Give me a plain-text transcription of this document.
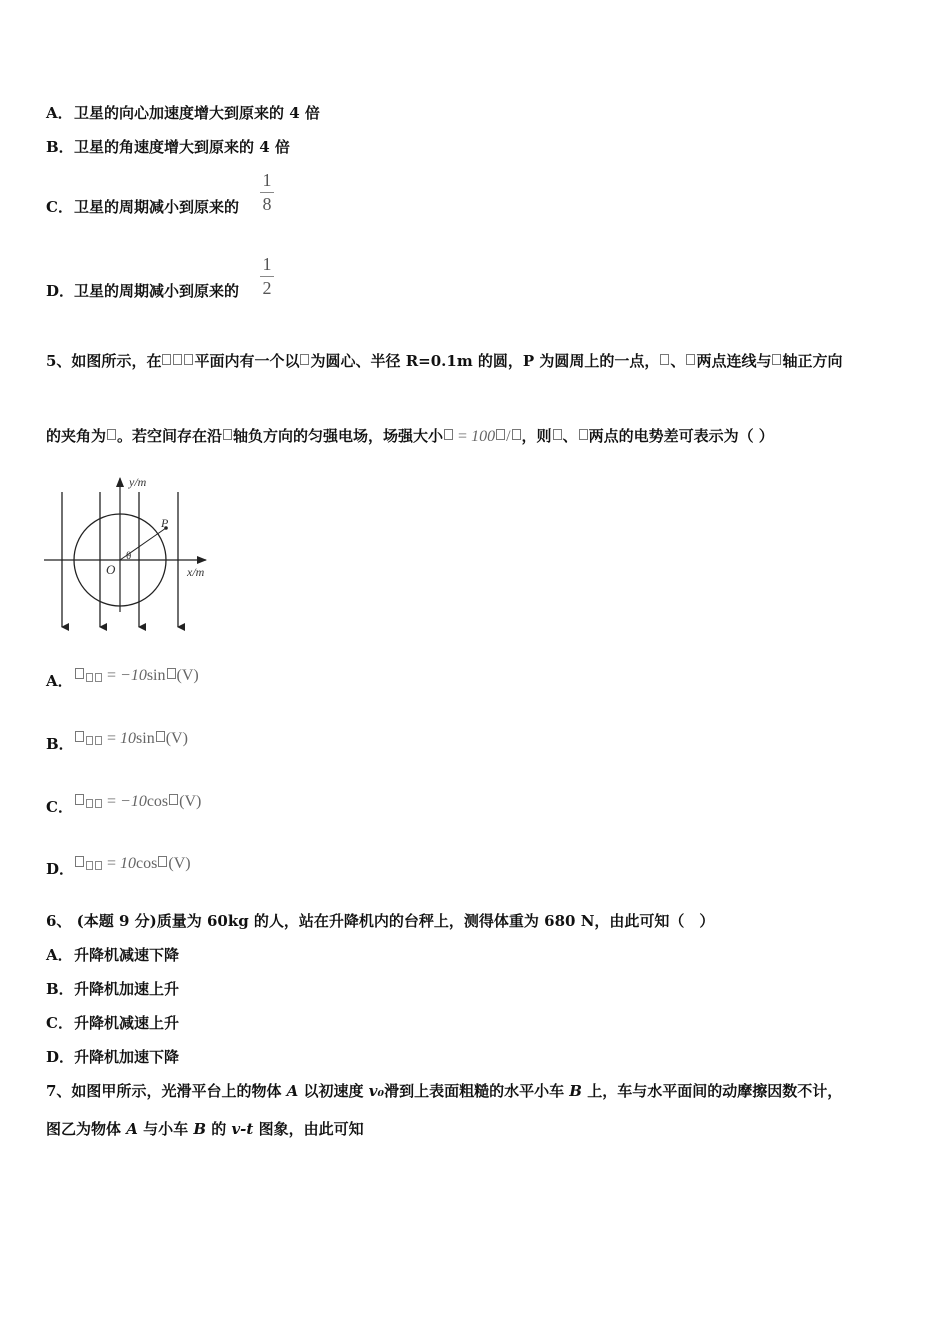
A．卫星的向心加速度增大到原来的 4 倍
B．卫星的角速度增大到原来的 4 倍
C．卫星的周期减小到原来的
1
8
D．卫星的周期减小到原来的
1
2
5、如图所示，在 平面内有一个以 为圆心、半径 R=0.1m 的圆，P 为圆周上的一点， 、 两点连线与 轴正方向
的夹角为 。若空间存在沿 轴负方向的匀强电场，场强大小 = 100 / ，则 、 两点的电势差可表示为（ ）
y/m
x/m
O
P
θ
A． = −10sin (V)
B． = 10sin (V)
C． = −10cos (V)
D． = 10cos (V)
6、 (本题 9 分)质量为 60kg 的人，站在升降机内的台秤上，测得体重为 680 N，由此可知（　）
A．升降机减速下降
B．升降机加速上升
C．升降机减速上升
D．升降机加速下降
7、如图甲所示，光滑平台上的物体 A 以初速度 v₀滑到上表面粗糙的水平小车 B 上，车与水平面间的动摩擦因数不计，
图乙为物体 A 与小车 B 的 v-t 图象，由此可知
